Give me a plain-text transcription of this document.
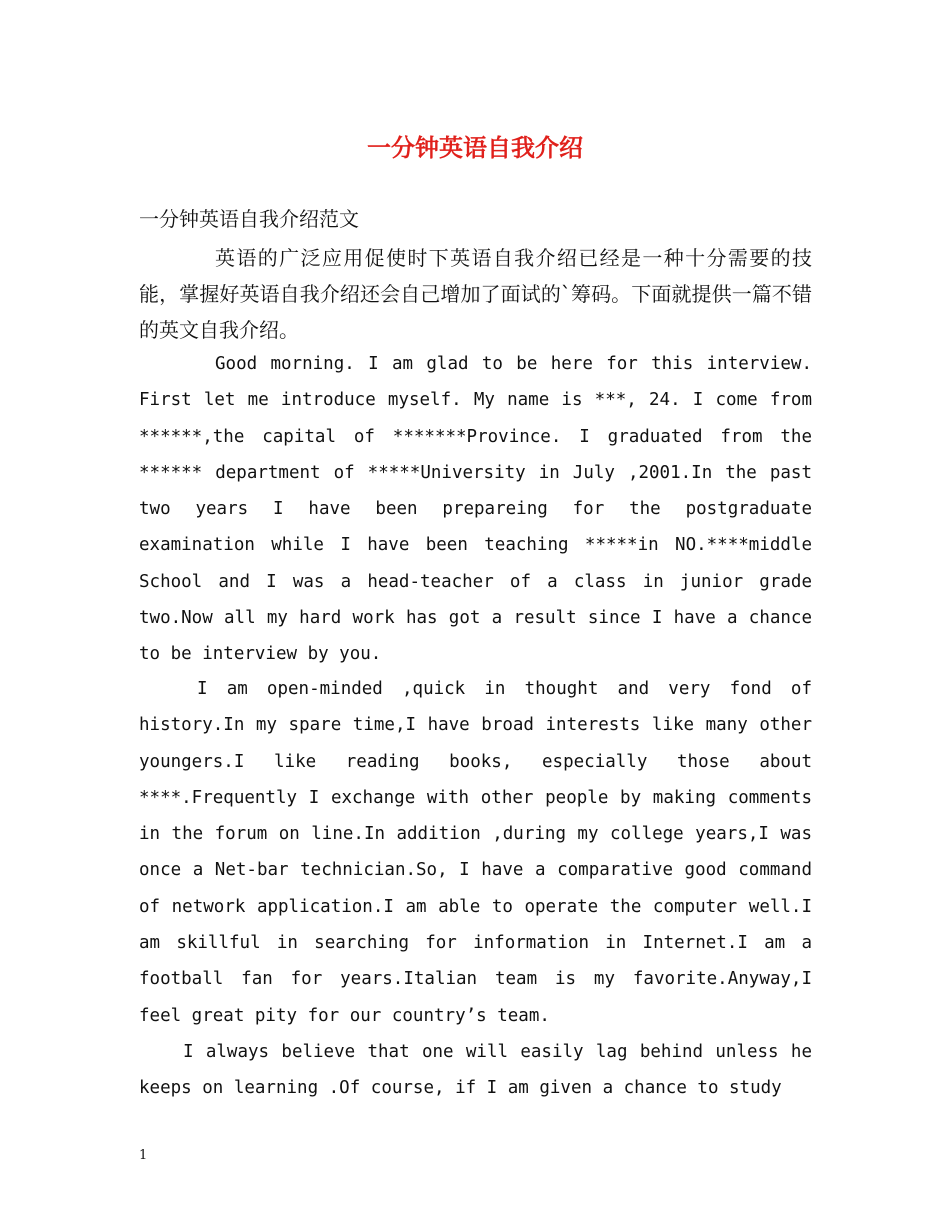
一分钟英语自我介绍
一分钟英语自我介绍范文

英语的广泛应用促使时下英语自我介绍已经是一种十分需要的技能，掌握好英语自我介绍还会自己增加了面试的`筹码。下面就提供一篇不错的英文自我介绍。

Good morning. I am glad to be here for this interview. First let me introduce myself. My name is ***, 24. I come from ******,the capital of *******Province. I graduated from the ****** department of *****University in July ,2001.In the past two years I have been prepareing for the postgraduate examination while I have been teaching *****in NO.****middle School and I was a head-teacher of a class in junior grade two.Now all my hard work has got a result since I have a chance to be interview by you.

I am open-minded ,quick in thought and very fond of history.In my spare time,I have broad interests like many other youngers.I like reading books, especially those about ****.Frequently I exchange with other people by making comments in the forum on line.In addition ,during my college years,I was once a Net-bar technician.So, I have a comparative good command of network application.I am able to operate the computer well.I am skillful in searching for information in Internet.I am a football fan for years.Italian team is my favorite.Anyway,I feel great pity for our country’s team.

I always believe that one will easily lag behind unless he keeps on learning .Of course, if I am given a chance to study

1
